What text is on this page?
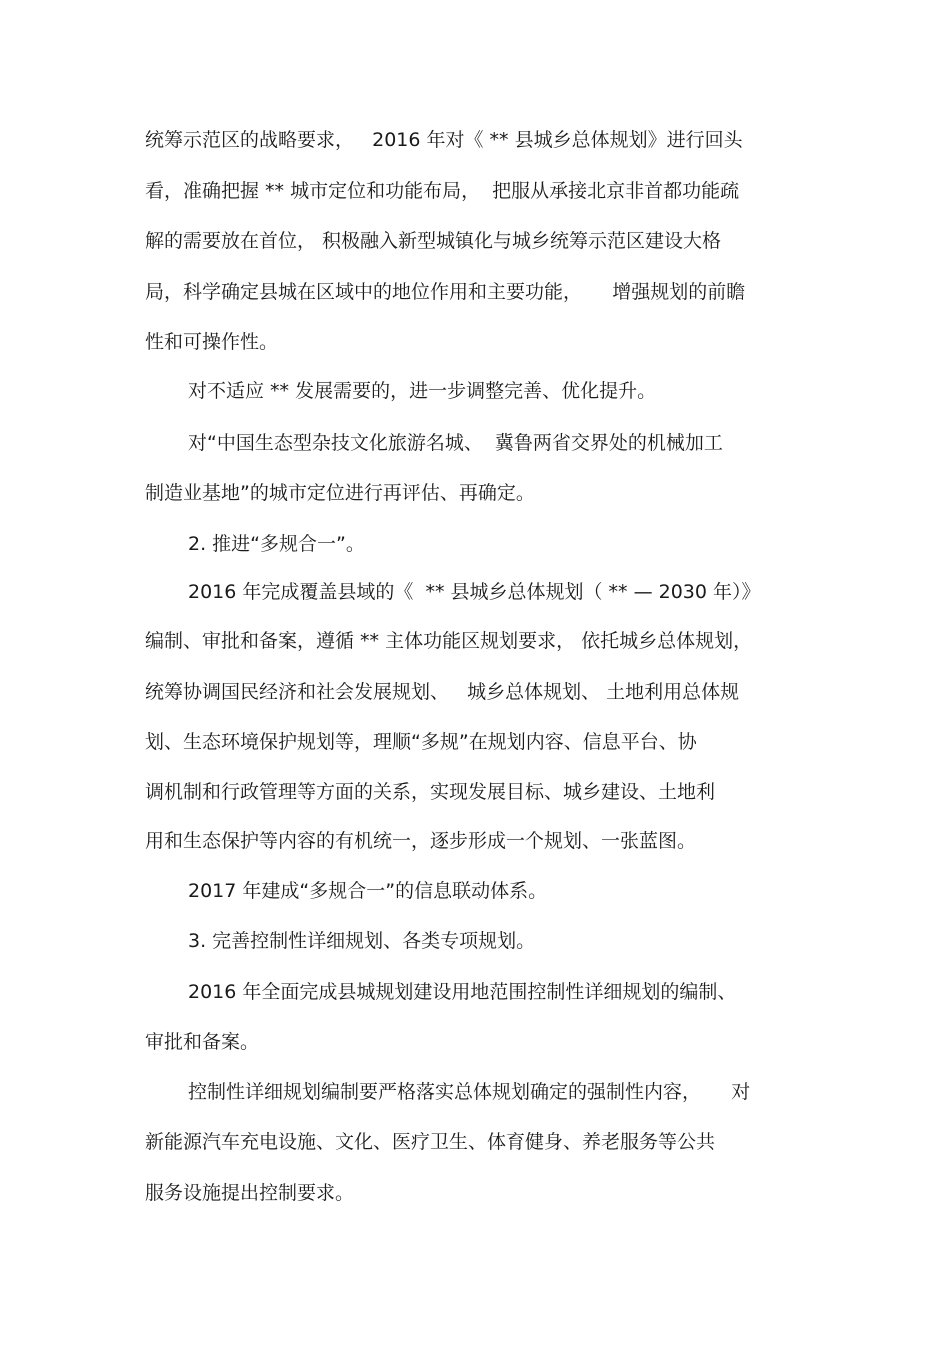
统筹示范区的战略要求，   2016 年对《 ** 县城乡总体规划》进行回头
看，准确把握 ** 城市定位和功能布局，  把服从承接北京非首都功能疏
解的需要放在首位， 积极融入新型城镇化与城乡统筹示范区建设大格
局，科学确定县城在区域中的地位作用和主要功能，     增强规划的前瞻
性和可操作性。
对不适应 ** 发展需要的，进一步调整完善、优化提升。
对“中国生态型杂技文化旅游名城、  冀鲁两省交界处的机械加工
制造业基地”的城市定位进行再评估、再确定。
2. 推进“多规合一”。
2016 年完成覆盖县域的《  ** 县城乡总体规划（ ** — 2030 年）》
编制、审批和备案，遵循 ** 主体功能区规划要求， 依托城乡总体规划，
统筹协调国民经济和社会发展规划、   城乡总体规划、 土地利用总体规
划、生态环境保护规划等，理顺“多规”在规划内容、信息平台、协
调机制和行政管理等方面的关系，实现发展目标、城乡建设、土地利
用和生态保护等内容的有机统一，逐步形成一个规划、一张蓝图。
2017 年建成“多规合一”的信息联动体系。
3. 完善控制性详细规划、各类专项规划。
2016 年全面完成县城规划建设用地范围控制性详细规划的编制、
审批和备案。
控制性详细规划编制要严格落实总体规划确定的强制性内容，     对
新能源汽车充电设施、文化、医疗卫生、体育健身、养老服务等公共
服务设施提出控制要求。
